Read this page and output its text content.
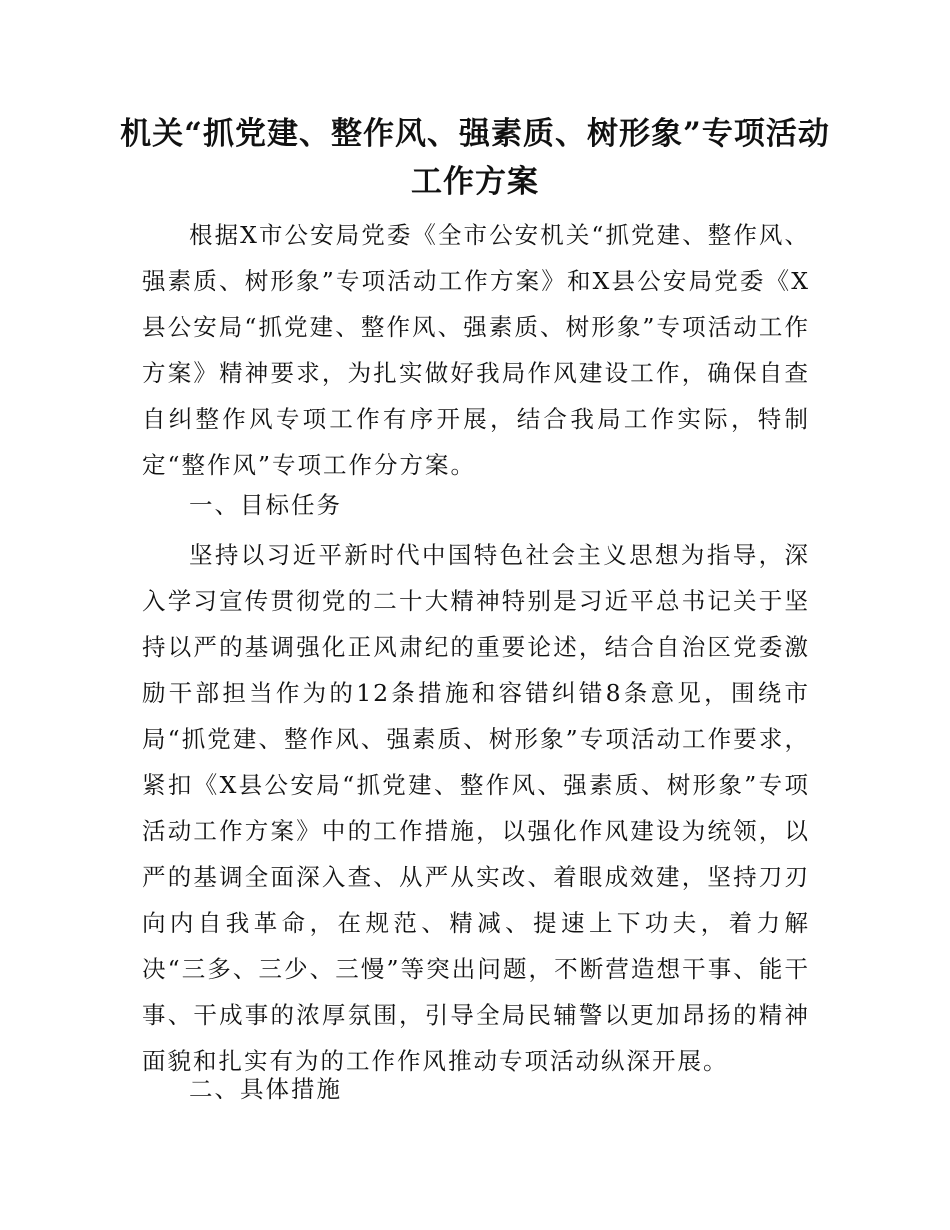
机关“抓党建、整作风、强素质、树形象”专项活动工作方案
根据X市公安局党委《全市公安机关“抓党建、整作风、强素质、树形象”专项活动工作方案》和X县公安局党委《X县公安局“抓党建、整作风、强素质、树形象”专项活动工作方案》精神要求，为扎实做好我局作风建设工作，确保自查自纠整作风专项工作有序开展，结合我局工作实际，特制定“整作风”专项工作分方案。
一、目标任务
坚持以习近平新时代中国特色社会主义思想为指导，深入学习宣传贯彻党的二十大精神特别是习近平总书记关于坚持以严的基调强化正风肃纪的重要论述，结合自治区党委激励干部担当作为的12条措施和容错纠错8条意见，围绕市局“抓党建、整作风、强素质、树形象”专项活动工作要求，紧扣《X县公安局“抓党建、整作风、强素质、树形象”专项活动工作方案》中的工作措施，以强化作风建设为统领，以严的基调全面深入查、从严从实改、着眼成效建，坚持刀刃向内自我革命，在规范、精减、提速上下功夫，着力解决“三多、三少、三慢”等突出问题，不断营造想干事、能干事、干成事的浓厚氛围，引导全局民辅警以更加昂扬的精神面貌和扎实有为的工作作风推动专项活动纵深开展。
二、具体措施
